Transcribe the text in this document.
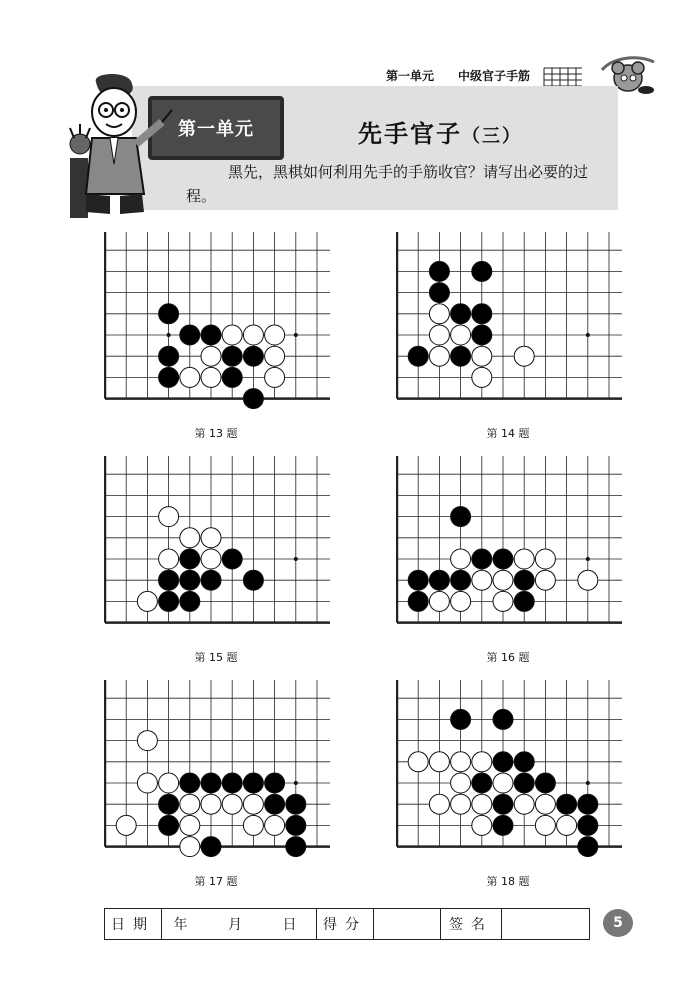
第一单元 中级官子手筋
第一单元	先手官子（三）
黑先，黑棋如何利用先手的手筋收官？请写出必要的过程。
第 13 题	第 14 题
第 15 题	第 16 题
第 17 题	第 18 题
日期	年 月 日	得分	签名	5
